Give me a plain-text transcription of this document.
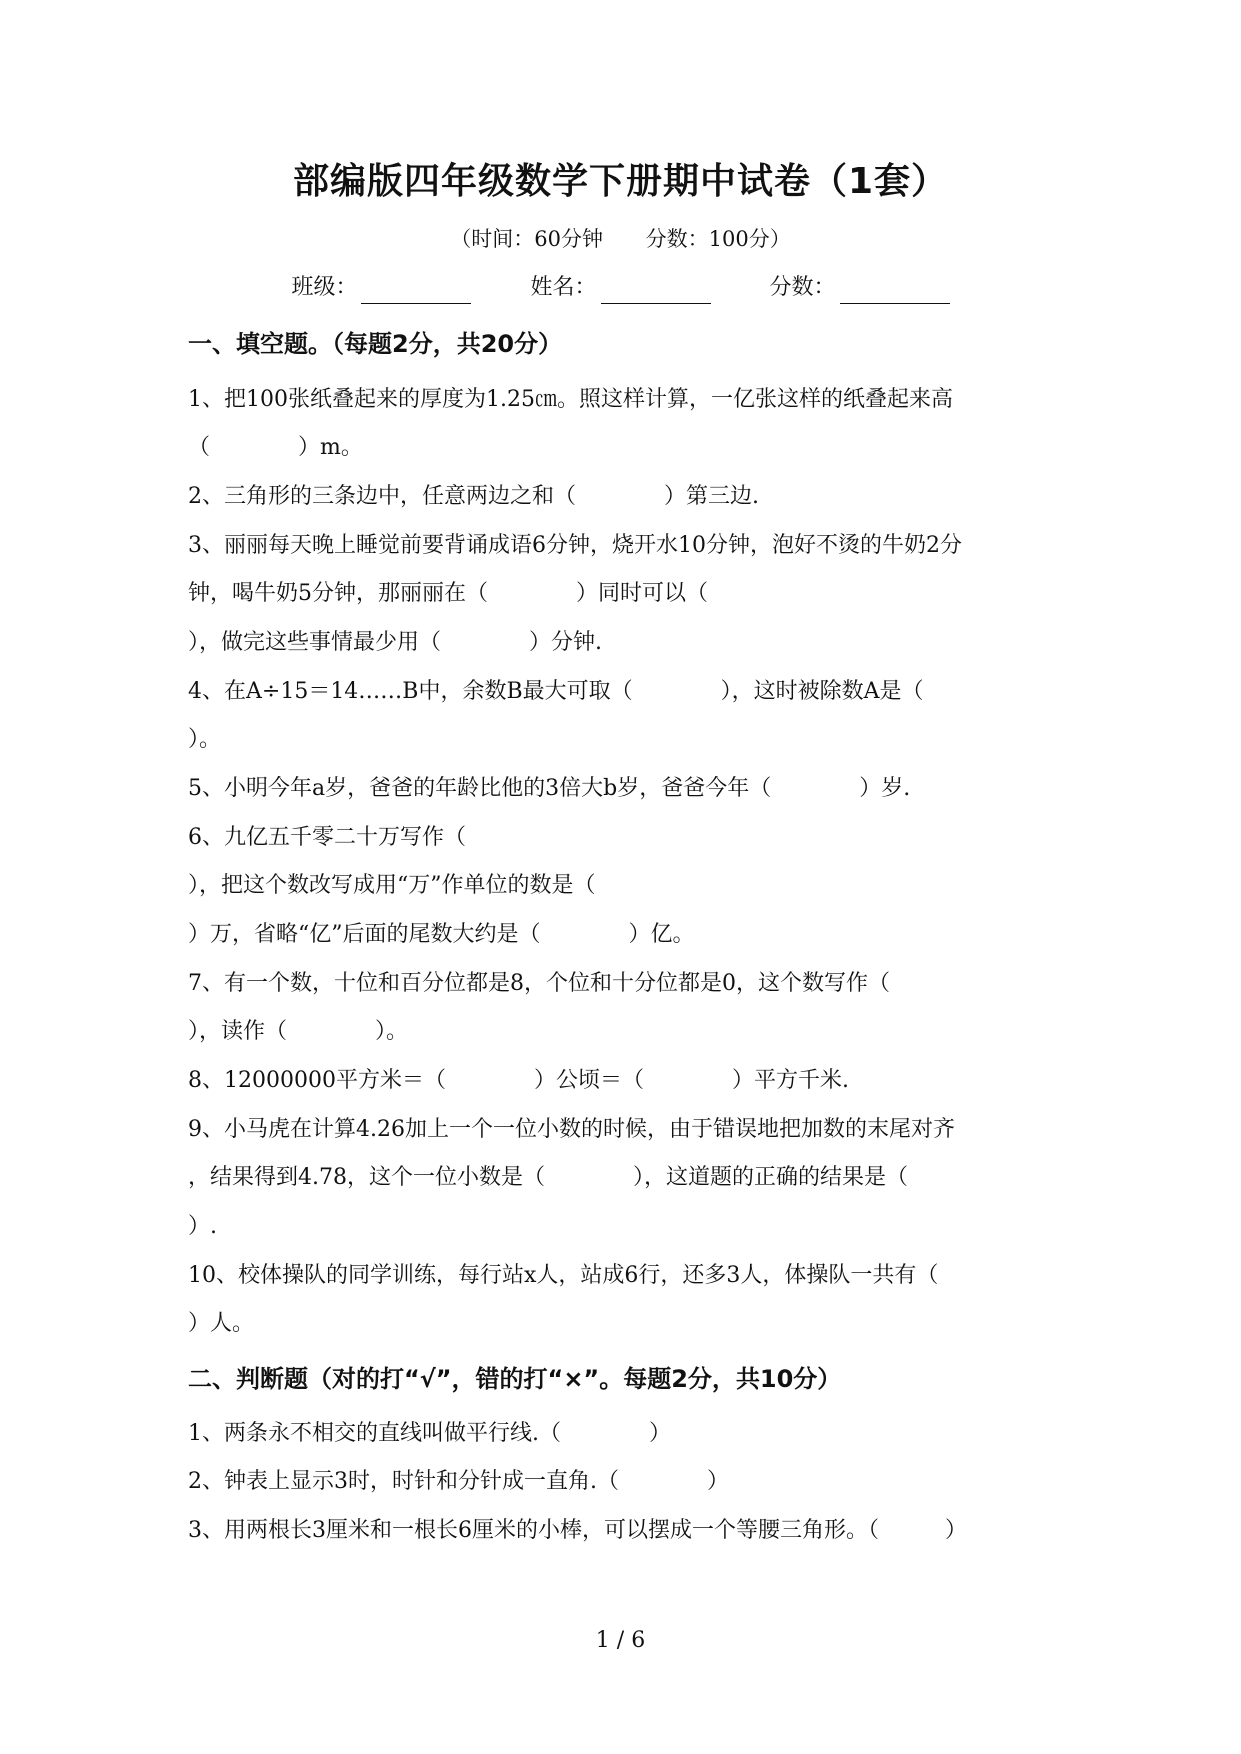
部编版四年级数学下册期中试卷（1套）
（时间：60分钟 分数：100分）
班级：	姓名：	分数：
一、填空题。（每题2分，共20分）
1、把100张纸叠起来的厚度为1.25㎝。照这样计算，一亿张这样的纸叠起来高
（　　　　）m。
2、三角形的三条边中，任意两边之和（　　　　）第三边.
3、丽丽每天晚上睡觉前要背诵成语6分钟，烧开水10分钟，泡好不烫的牛奶2分
钟，喝牛奶5分钟，那丽丽在（　　　　）同时可以（
），做完这些事情最少用（　　　　）分钟.
4、在A÷15＝14……B中，余数B最大可取（　　　　），这时被除数A是（
）。
5、小明今年a岁，爸爸的年龄比他的3倍大b岁，爸爸今年（　　　　）岁.
6、九亿五千零二十万写作（
），把这个数改写成用“万”作单位的数是（
）万，省略“亿”后面的尾数大约是（　　　　）亿。
7、有一个数，十位和百分位都是8，个位和十分位都是0，这个数写作（
），读作（　　　　）。
8、12000000平方米＝（　　　　）公顷＝（　　　　）平方千米.
9、小马虎在计算4.26加上一个一位小数的时候，由于错误地把加数的末尾对齐
，结果得到4.78，这个一位小数是（　　　　），这道题的正确的结果是（
）.
10、校体操队的同学训练，每行站x人，站成6行，还多3人，体操队一共有（
）人。
二、判断题（对的打“√”，错的打“×”。每题2分，共10分）
1、两条永不相交的直线叫做平行线.（　　　　）
2、钟表上显示3时，时针和分针成一直角.（　　　　）
3、用两根长3厘米和一根长6厘米的小棒，可以摆成一个等腰三角形。（　　　）
1 / 6
